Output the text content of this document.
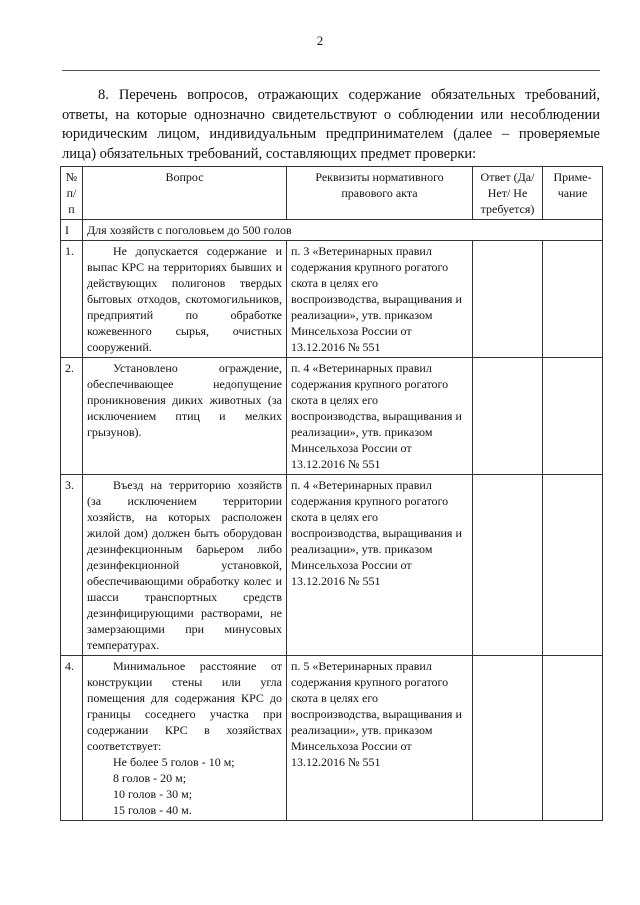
2
8. Перечень вопросов, отражающих содержание обязательных требований, ответы, на которые однозначно свидетельствуют о соблюдении или несоблюдении юридическим лицом, индивидуальным предпринимателем (далее – проверяемые лица) обязательных требований, составляющих предмет проверки:
№ п/п	Вопрос	Реквизиты нормативного правового акта	Ответ (Да/ Нет/ Не требуется)	Приме-чание
I	Для хозяйств с поголовьем до 500 голов			
1.	Не допускается содержание и выпас КРС на территориях бывших и действующих полигонов твердых бытовых отходов, скотомогильников, предприятий по обработке кожевенного сырья, очистных сооружений.	п. 3 «Ветеринарных правил содержания крупного рогатого скота в целях его воспроизводства, выращивания и реализации», утв. приказом Минсельхоза России от 13.12.2016 № 551		
2.	Установлено ограждение, обеспечивающее недопущение проникновения диких животных (за исключением птиц и мелких грызунов).	п. 4 «Ветеринарных правил содержания крупного рогатого скота в целях его воспроизводства, выращивания и реализации», утв. приказом Минсельхоза России от 13.12.2016 № 551		
3.	Въезд на территорию хозяйств (за исключением территории хозяйств, на которых расположен жилой дом) должен быть оборудован дезинфекционным барьером либо дезинфекционной установкой, обеспечивающими обработку колес и шасси транспортных средств дезинфицирующими растворами, не замерзающими при минусовых температурах.	п. 4 «Ветеринарных правил содержания крупного рогатого скота в целях его воспроизводства, выращивания и реализации», утв. приказом Минсельхоза России от 13.12.2016 № 551		
4.	Минимальное расстояние от конструкции стены или угла помещения для содержания КРС до границы соседнего участка при содержании КРС в хозяйствах соответствует:
Не более 5 голов - 10 м;
8 голов - 20 м;
10 голов - 30 м;
15 голов - 40 м.	п. 5 «Ветеринарных правил содержания крупного рогатого скота в целях его воспроизводства, выращивания и реализации», утв. приказом Минсельхоза России от 13.12.2016 № 551		
